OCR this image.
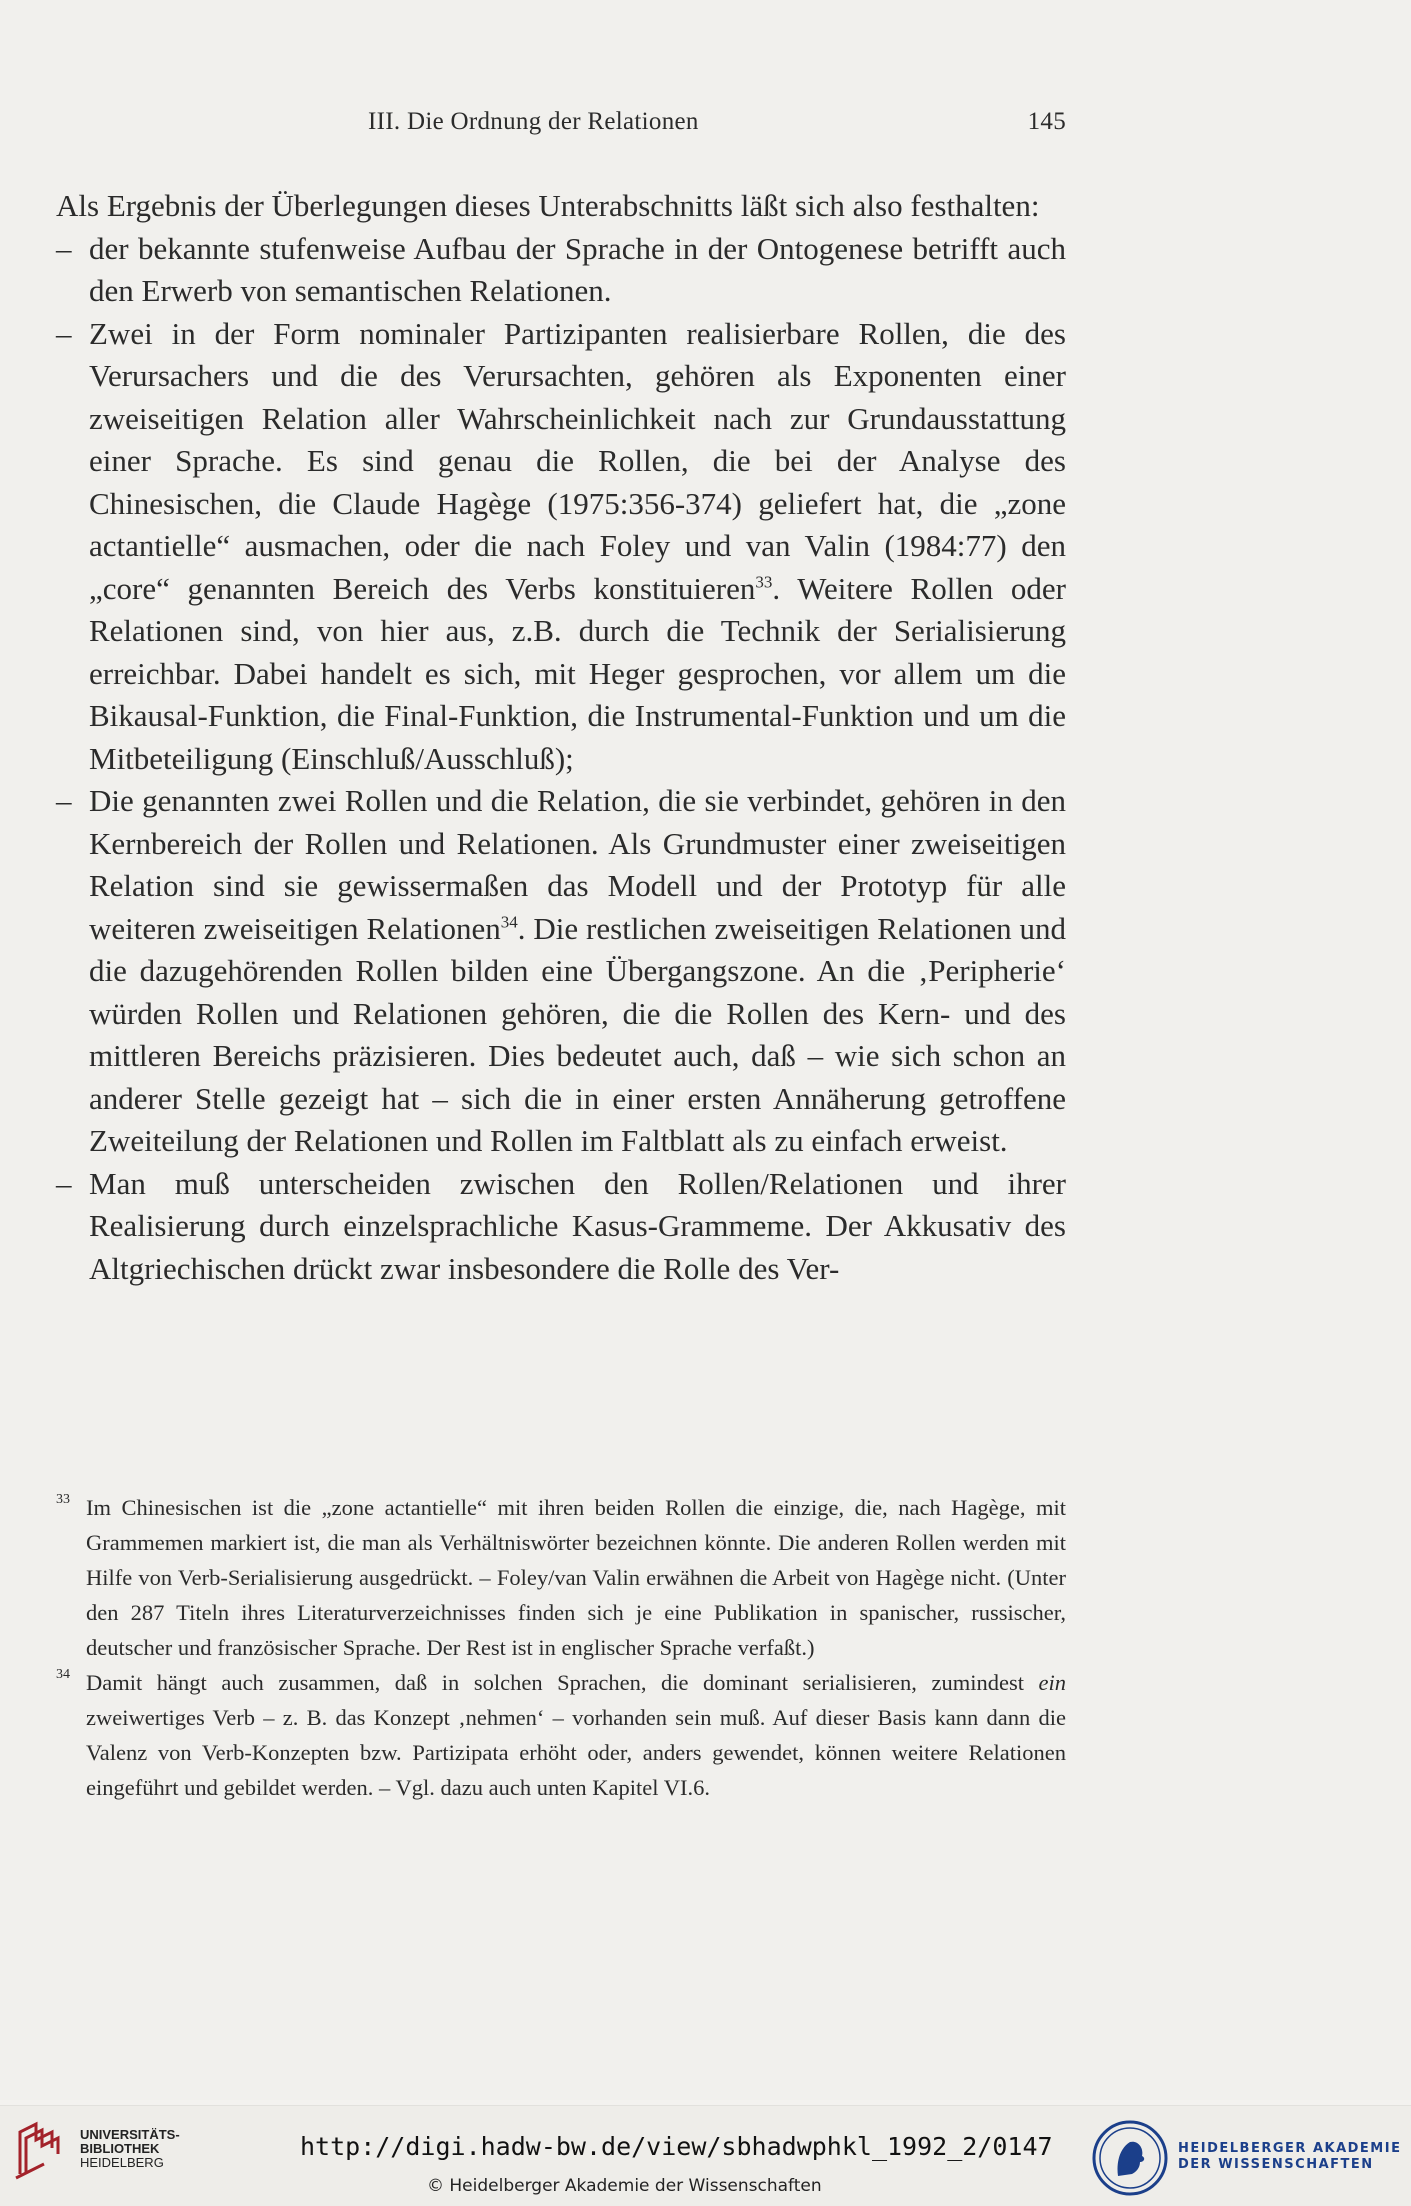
III. Die Ordnung der Relationen	145

Als Ergebnis der Überlegungen dieses Unterabschnitts läßt sich also festhalten:

– der bekannte stufenweise Aufbau der Sprache in der Ontogenese betrifft auch den Erwerb von semantischen Relationen.

– Zwei in der Form nominaler Partizipanten realisierbare Rollen, die des Verursachers und die des Verursachten, gehören als Exponenten einer zweiseitigen Relation aller Wahrscheinlichkeit nach zur Grundausstattung einer Sprache. Es sind genau die Rollen, die bei der Analyse des Chinesischen, die Claude Hagège (1975:356-374) geliefert hat, die „zone actantielle“ ausmachen, oder die nach Foley und van Valin (1984:77) den „core“ genannten Bereich des Verbs konstituieren$^{33}$. Weitere Rollen oder Relationen sind, von hier aus, z.B. durch die Technik der Serialisierung erreichbar. Dabei handelt es sich, mit Heger gesprochen, vor allem um die Bikausal-Funktion, die Final-Funktion, die Instrumental-Funktion und um die Mitbeteiligung (Einschluß/Ausschluß);

– Die genannten zwei Rollen und die Relation, die sie verbindet, gehören in den Kernbereich der Rollen und Relationen. Als Grundmuster einer zweiseitigen Relation sind sie gewissermaßen das Modell und der Prototyp für alle weiteren zweiseitigen Relationen$^{34}$. Die restlichen zweiseitigen Relationen und die dazugehörenden Rollen bilden eine Übergangszone. An die ‚Peripherie‘ würden Rollen und Relationen gehören, die die Rollen des Kern- und des mittleren Bereichs präzisieren. Dies bedeutet auch, daß – wie sich schon an anderer Stelle gezeigt hat – sich die in einer ersten Annäherung getroffene Zweiteilung der Relationen und Rollen im Faltblatt als zu einfach erweist.

– Man muß unterscheiden zwischen den Rollen/Relationen und ihrer Realisierung durch einzelsprachliche Kasus-Grammeme. Der Akkusativ des Altgriechischen drückt zwar insbesondere die Rolle des Ver-

33 Im Chinesischen ist die „zone actantielle“ mit ihren beiden Rollen die einzige, die, nach Hagège, mit Grammemen markiert ist, die man als Verhältniswörter bezeichnen könnte. Die anderen Rollen werden mit Hilfe von Verb-Serialisierung ausgedrückt. – Foley/van Valin erwähnen die Arbeit von Hagège nicht. (Unter den 287 Titeln ihres Literaturverzeichnisses finden sich je eine Publikation in spanischer, russischer, deutscher und französischer Sprache. Der Rest ist in englischer Sprache verfaßt.)

34 Damit hängt auch zusammen, daß in solchen Sprachen, die dominant serialisieren, zumindest ein zweiwertiges Verb – z. B. das Konzept ‚nehmen‘ – vorhanden sein muß. Auf dieser Basis kann dann die Valenz von Verb-Konzepten bzw. Partizipata erhöht oder, anders gewendet, können weitere Relationen eingeführt und gebildet werden. – Vgl. dazu auch unten Kapitel VI.6.

UNIVERSITÄTS-
BIBLIOTHEK
HEIDELBERG
http://digi.hadw-bw.de/view/sbhadwphkl_1992_2/0147
© Heidelberger Akademie der Wissenschaften
HEIDELBERGER AKADEMIE
DER WISSENSCHAFTEN
